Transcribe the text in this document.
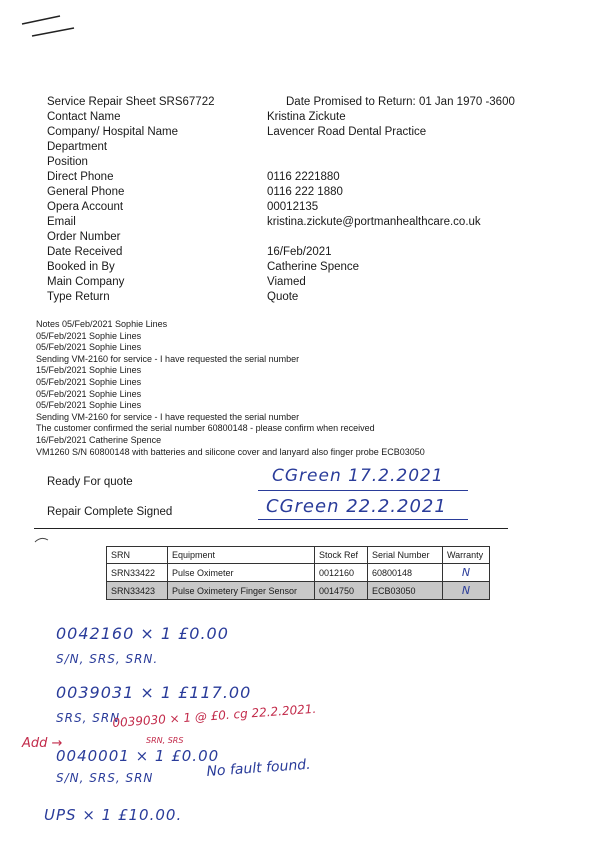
Service Repair Sheet SRS67722	Date Promised to Return: 01 Jan 1970 -3600
Contact Name	Kristina Zickute
Company/ Hospital Name	Lavencer Road Dental Practice
Department
Position
Direct Phone	0116 2221880
General Phone	0116 222 1880
Opera Account	00012135
Email	kristina.zickute@portmanhealthcare.co.uk
Order Number
Date Received	16/Feb/2021
Booked in By	Catherine Spence
Main Company	Viamed
Type Return	Quote
Notes 05/Feb/2021 Sophie Lines
05/Feb/2021 Sophie Lines
05/Feb/2021 Sophie Lines
Sending VM-2160 for service - I have requested the serial number
15/Feb/2021 Sophie Lines
05/Feb/2021 Sophie Lines
05/Feb/2021 Sophie Lines
05/Feb/2021 Sophie Lines
Sending VM-2160 for service - I have requested the serial number
The customer confirmed the serial number 60800148 - please confirm when received
16/Feb/2021 Catherine Spence
VM1260 S/N 60800148 with batteries and silicone cover and lanyard also finger probe ECB03050
Ready For quote	CGreen 17.2.2021
Repair Complete Signed	CGreen 22.2.2021
SRN	Equipment	Stock Ref	Serial Number	Warranty
SRN33422	Pulse Oximeter	0012160	60800148	N
SRN33423	Pulse Oximetery Finger Sensor	0014750	ECB03050	N
0042160 × 1 £0.00
S/N, SRS, SRN.
0039031 × 1 £117.00
SRS, SRN.
Add →
0039030 × 1 @ £0. cg 22.2.2021.
SRN, SRS
0040001 × 1 £0.00
S/N, SRS, SRN	No fault found.
UPS × 1 £10.00.
